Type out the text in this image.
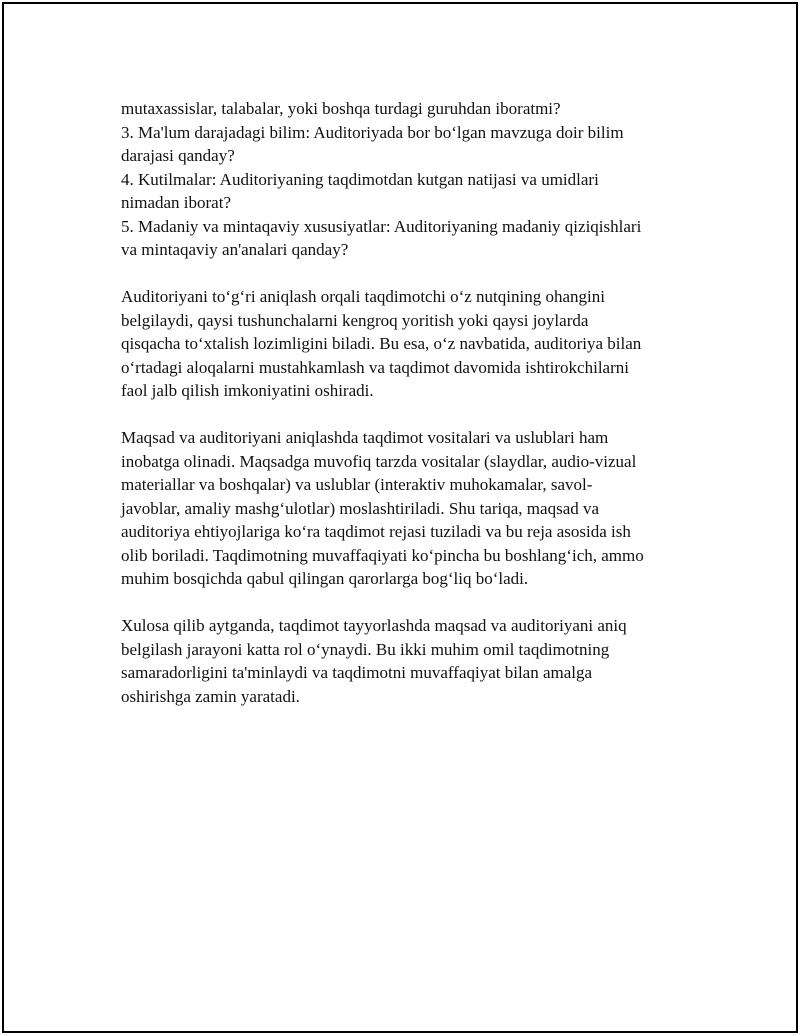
mutaxassislar, talabalar, yoki boshqa turdagi guruhdan iboratmi?
3. Ma'lum darajadagi bilim: Auditoriyada bor bo‘lgan mavzuga doir bilim
darajasi qanday?
4. Kutilmalar: Auditoriyaning taqdimotdan kutgan natijasi va umidlari
nimadan iborat?
5. Madaniy va mintaqaviy xususiyatlar: Auditoriyaning madaniy qiziqishlari
va mintaqaviy an'analari qanday?
Auditoriyani to‘g‘ri aniqlash orqali taqdimotchi o‘z nutqining ohangini
belgilaydi, qaysi tushunchalarni kengroq yoritish yoki qaysi joylarda
qisqacha to‘xtalish lozimligini biladi. Bu esa, o‘z navbatida, auditoriya bilan
o‘rtadagi aloqalarni mustahkamlash va taqdimot davomida ishtirokchilarni
faol jalb qilish imkoniyatini oshiradi.
Maqsad va auditoriyani aniqlashda taqdimot vositalari va uslublari ham
inobatga olinadi. Maqsadga muvofiq tarzda vositalar (slaydlar, audio-vizual
materiallar va boshqalar) va uslublar (interaktiv muhokamalar, savol-
javoblar, amaliy mashg‘ulotlar) moslashtiriladi. Shu tariqa, maqsad va
auditoriya ehtiyojlariga ko‘ra taqdimot rejasi tuziladi va bu reja asosida ish
olib boriladi. Taqdimotning muvaffaqiyati ko‘pincha bu boshlang‘ich, ammo
muhim bosqichda qabul qilingan qarorlarga bog‘liq bo‘ladi.
Xulosa qilib aytganda, taqdimot tayyorlashda maqsad va auditoriyani aniq
belgilash jarayoni katta rol o‘ynaydi. Bu ikki muhim omil taqdimotning
samaradorligini ta'minlaydi va taqdimotni muvaffaqiyat bilan amalga
oshirishga zamin yaratadi.
